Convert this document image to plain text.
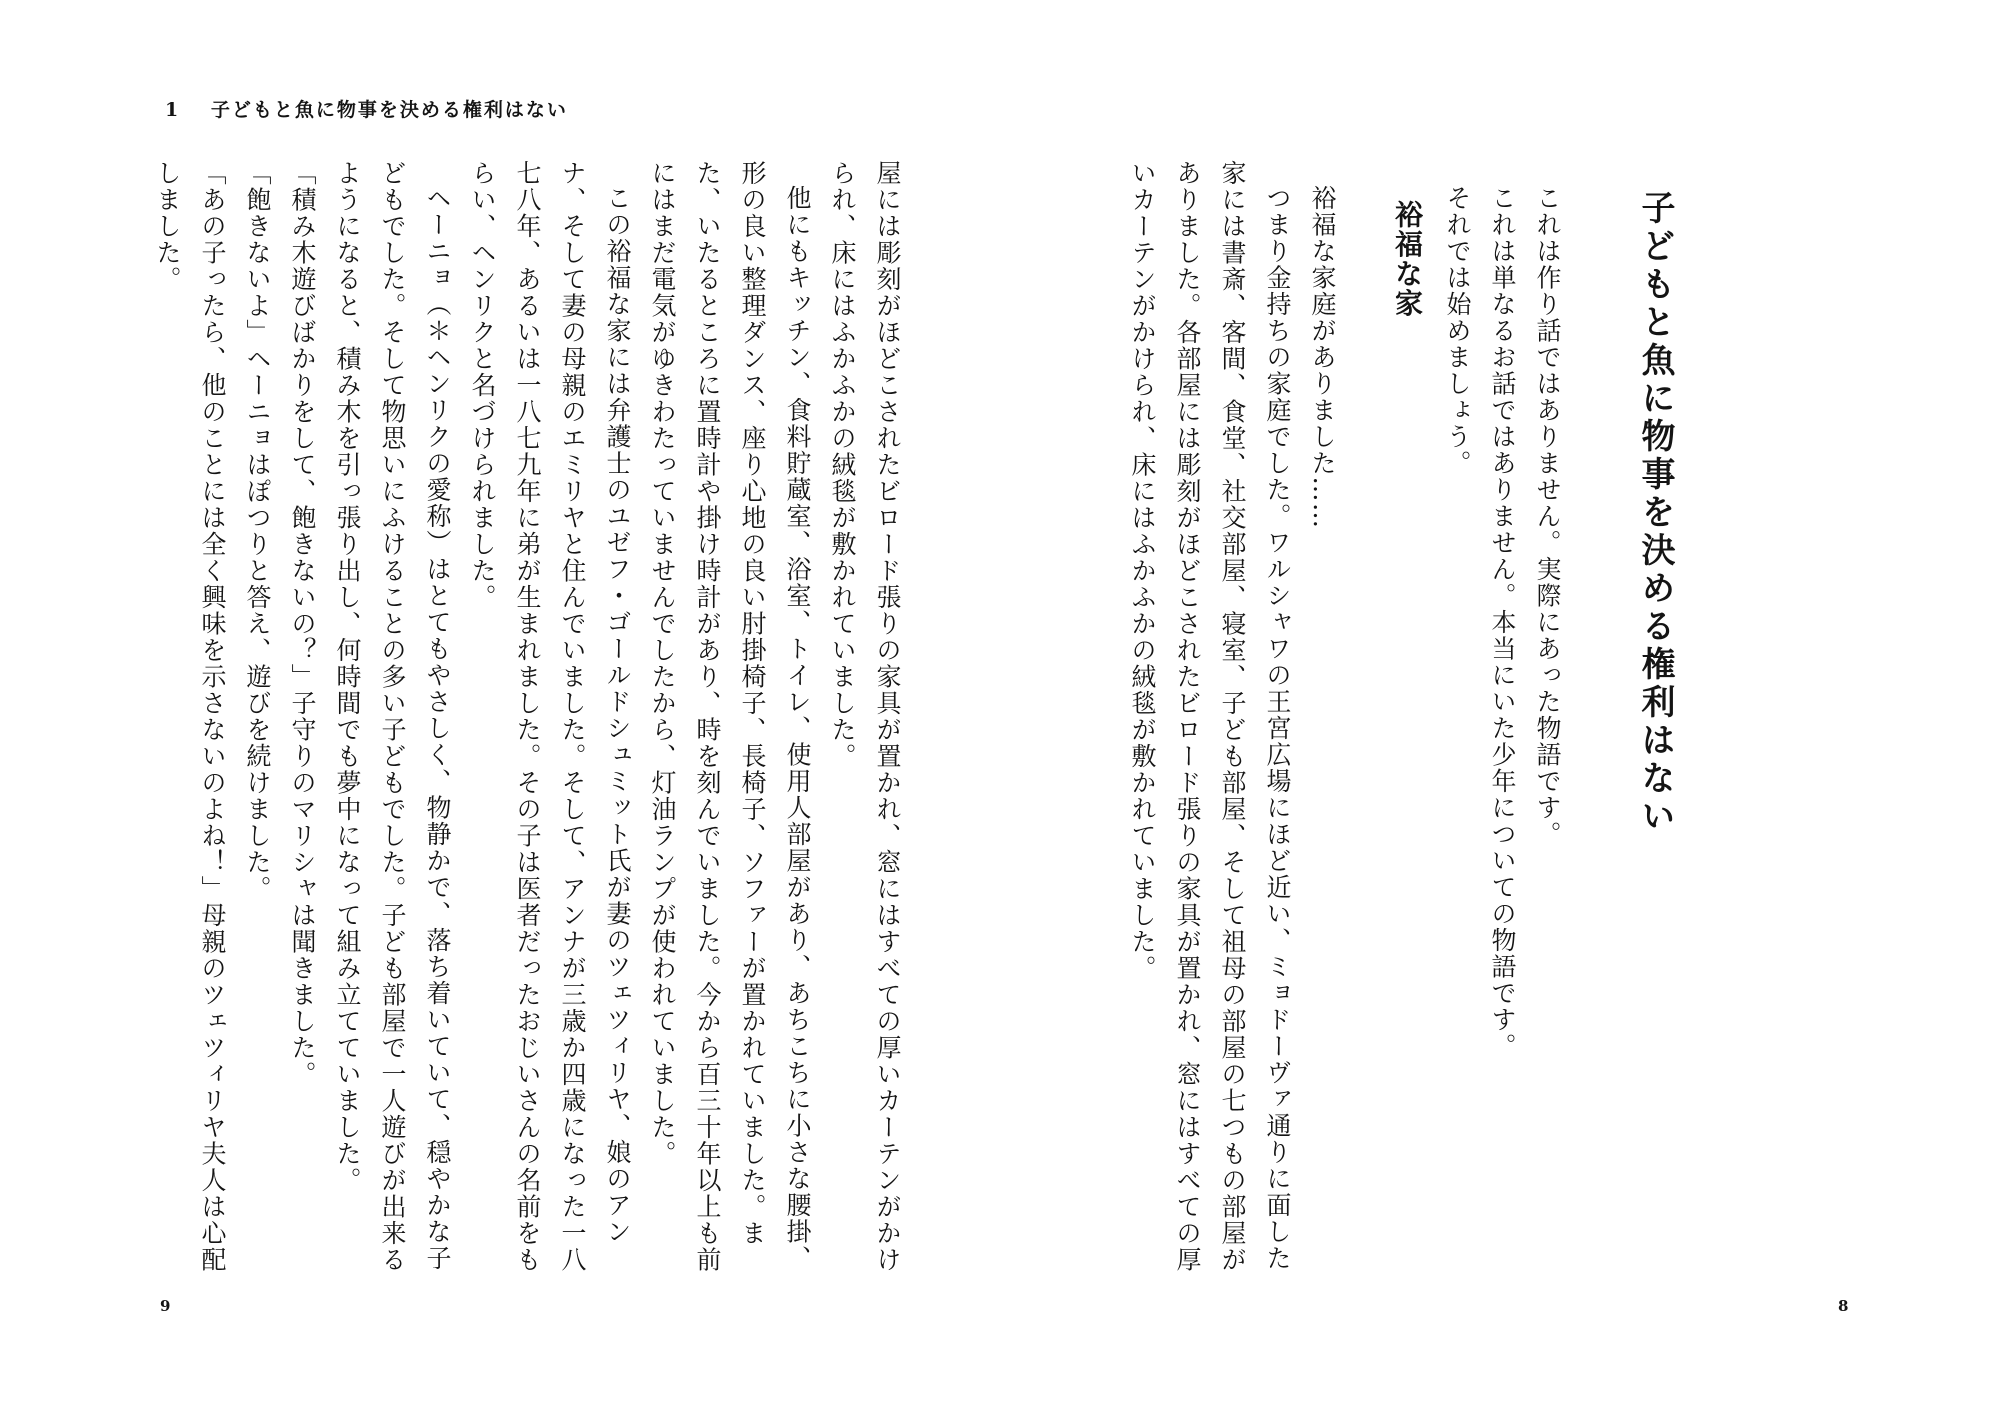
1 子どもと魚に物事を決める権利はない
子どもと魚に物事を決める権利はない

これは作り話ではありません。実際にあった物語です。

これは単なるお話ではありません。本当にいた少年についての物語です。

それでは始めましょう。

裕福な家

裕福な家庭がありました……

つまり金持ちの家庭でした。ワルシャワの王宮広場にほど近い、ミョドーヴァ通りに面した家には書斎、客間、食堂、社交部屋、寝室、子ども部屋、そして祖母の部屋の七つもの部屋がありました。各部屋には彫刻がほどこされたビロード張りの家具が置かれ、窓にはすべての厚いカーテンがかけられ、床にはふかふかの絨毯が敷かれていました。

屋には彫刻がほどこされたビロード張りの家具が置かれ、窓にはすべての厚いカーテンがかけられ、床にはふかふかの絨毯が敷かれていました。

他にもキッチン、食料貯蔵室、浴室、トイレ、使用人部屋があり、あちこちに小さな腰掛、形の良い整理ダンス、座り心地の良い肘掛椅子、長椅子、ソファーが置かれていました。また、いたるところに置時計や掛け時計があり、時を刻んでいました。今から百三十年以上も前にはまだ電気がゆきわたっていませんでしたから、灯油ランプが使われていました。

この裕福な家には弁護士のユゼフ・ゴールドシュミット氏が妻のツェツィリヤ、娘のアンナ、そして妻の母親のエミリヤと住んでいました。そして、アンナが三歳か四歳になった一八七八年、あるいは一八七九年に弟が生まれました。その子は医者だったおじいさんの名前をもらい、ヘンリクと名づけられました。

ヘーニョ（＊ヘンリクの愛称）はとてもやさしく、物静かで、落ち着いていて、穏やかな子どもでした。そして物思いにふけることの多い子どもでした。子ども部屋で一人遊びが出来るようになると、積み木を引っ張り出し、何時間でも夢中になって組み立てていました。

「積み木遊びばかりをして、飽きないの？」子守りのマリシャは聞きました。

「飽きないよ」ヘーニョはぽつりと答え、遊びを続けました。

「あの子ったら、他のことには全く興味を示さないのよね！」母親のツェツィリヤ夫人は心配しました。

9	8
